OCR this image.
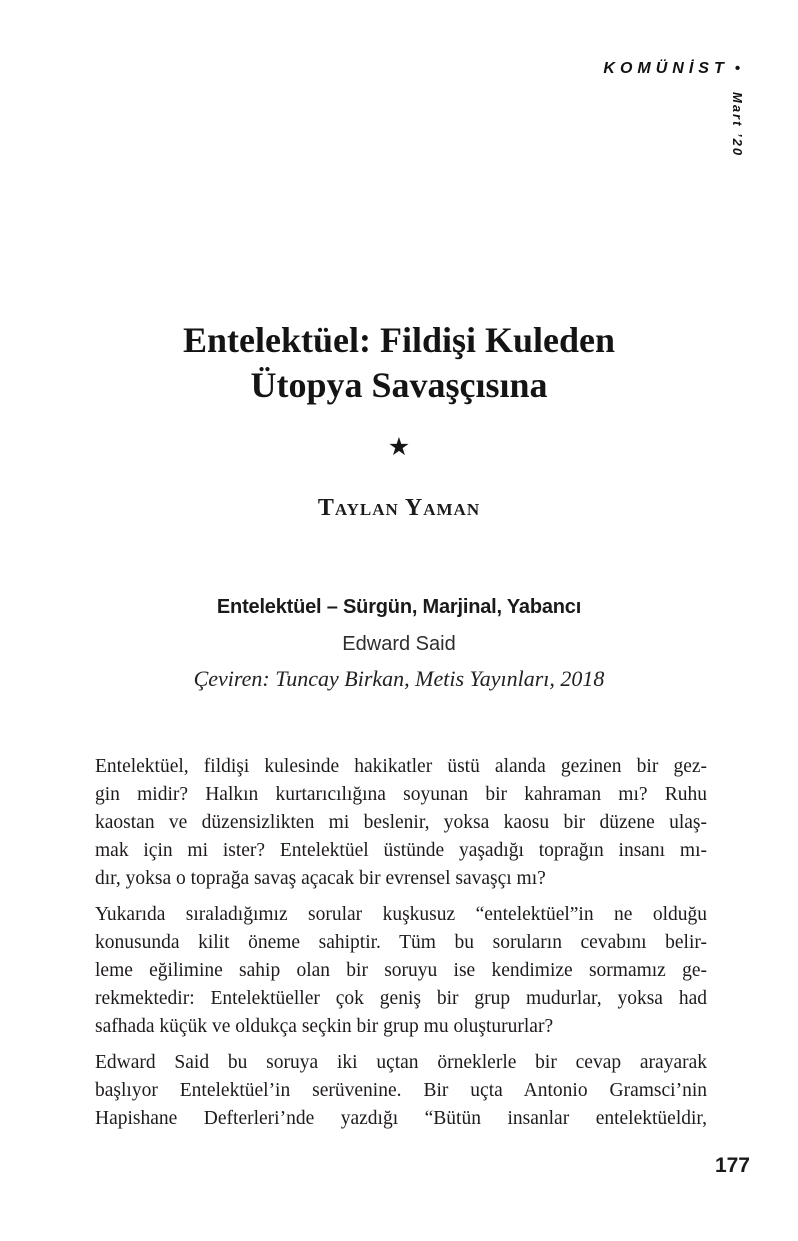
KOMÜNİST •
Mart ’20
Entelektüel: Fildişi Kuleden
Ütopya Savaşçısına
★
Taylan Yaman
Entelektüel – Sürgün, Marjinal, Yabancı
Edward Said
Çeviren: Tuncay Birkan, Metis Yayınları, 2018
Entelektüel, fildişi kulesinde hakikatler üstü alanda gezinen bir gez-
gin midir? Halkın kurtarıcılığına soyunan bir kahraman mı? Ruhu
kaostan ve düzensizlikten mi beslenir, yoksa kaosu bir düzene ulaş-
mak için mi ister? Entelektüel üstünde yaşadığı toprağın insanı mı-
dır, yoksa o toprağa savaş açacak bir evrensel savaşçı mı?
Yukarıda sıraladığımız sorular kuşkusuz “entelektüel”in ne olduğu
konusunda kilit öneme sahiptir. Tüm bu soruların cevabını belir-
leme eğilimine sahip olan bir soruyu ise kendimize sormamız ge-
rekmektedir: Entelektüeller çok geniş bir grup mudurlar, yoksa had
safhada küçük ve oldukça seçkin bir grup mu oluştururlar?
Edward Said bu soruya iki uçtan örneklerle bir cevap arayarak
başlıyor Entelektüel’in serüvenine. Bir uçta Antonio Gramsci’nin
Hapishane Defterleri’nde yazdığı “Bütün insanlar entelektüeldir,
177
